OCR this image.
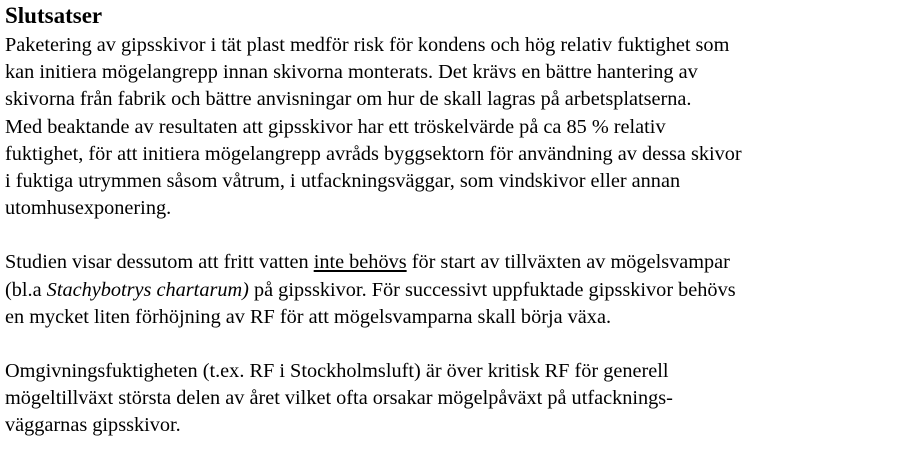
Slutsatser

Paketering av gipsskivor i tät plast medför risk för kondens och hög relativ fuktighet som
kan initiera mögelangrepp innan skivorna monterats. Det krävs en bättre hantering av
skivorna från fabrik och bättre anvisningar om hur de skall lagras på arbetsplatserna.
Med beaktande av resultaten att gipsskivor har ett tröskelvärde på ca 85 % relativ
fuktighet, för att initiera mögelangrepp avråds byggsektorn för användning av dessa skivor
i fuktiga utrymmen såsom våtrum, i utfackningsväggar, som vindskivor eller annan
utomhusexponering.

Studien visar dessutom att fritt vatten inte behövs för start av tillväxten av mögelsvampar
(bl.a Stachybotrys chartarum) på gipsskivor. För successivt uppfuktade gipsskivor behövs
en mycket liten förhöjning av RF för att mögelsvamparna skall börja växa.

Omgivningsfuktigheten (t.ex. RF i Stockholmsluft) är över kritisk RF för generell
mögeltillväxt största delen av året vilket ofta orsakar mögelpåväxt på utfacknings-
väggarnas gipsskivor.
